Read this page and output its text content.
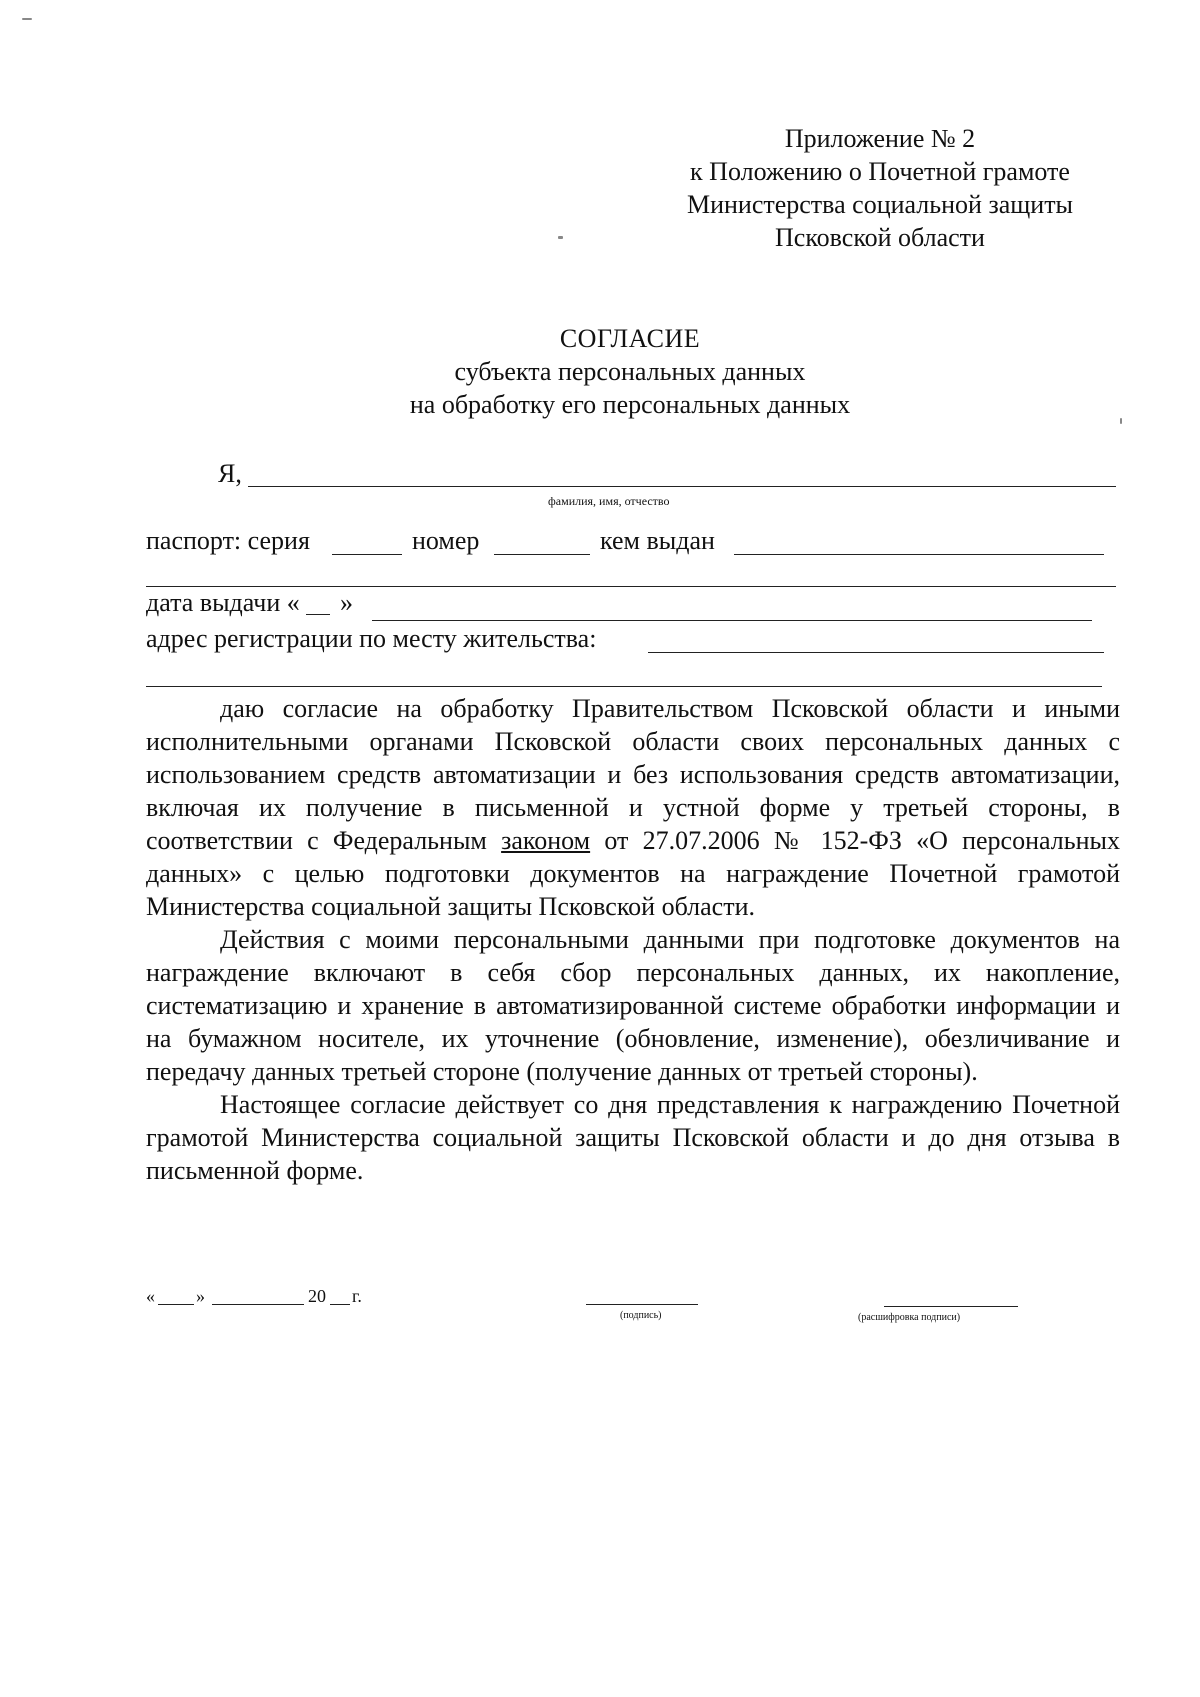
Приложение № 2
к Положению о Почетной грамоте
Министерства социальной защиты
Псковской области
СОГЛАСИЕ
субъекта персональных данных
на обработку его персональных данных
Я,
фамилия, имя, отчество
паспорт: серия	номер	кем выдан
дата выдачи « »
адрес регистрации по месту жительства:

даю согласие на обработку Правительством Псковской области и иными исполнительными органами Псковской области своих персональных данных с использованием средств автоматизации и без использования средств автоматизации, включая их получение в письменной и устной форме у третьей стороны, в соответствии с Федеральным законом от 27.07.2006 № 152-ФЗ «О персональных данных» с целью подготовки документов на награждение Почетной грамотой Министерства социальной защиты Псковской области.

Действия с моими персональными данными при подготовке документов на награждение включают в себя сбор персональных данных, их накопление, систематизацию и хранение в автоматизированной системе обработки информации и на бумажном носителе, их уточнение (обновление, изменение), обезличивание и передачу данных третьей стороне (получение данных от третьей стороны).

Настоящее согласие действует со дня представления к награждению Почетной грамотой Министерства социальной защиты Псковской области и до дня отзыва в письменной форме.

« »	20 г.
(подпись)	(расшифровка подписи)
